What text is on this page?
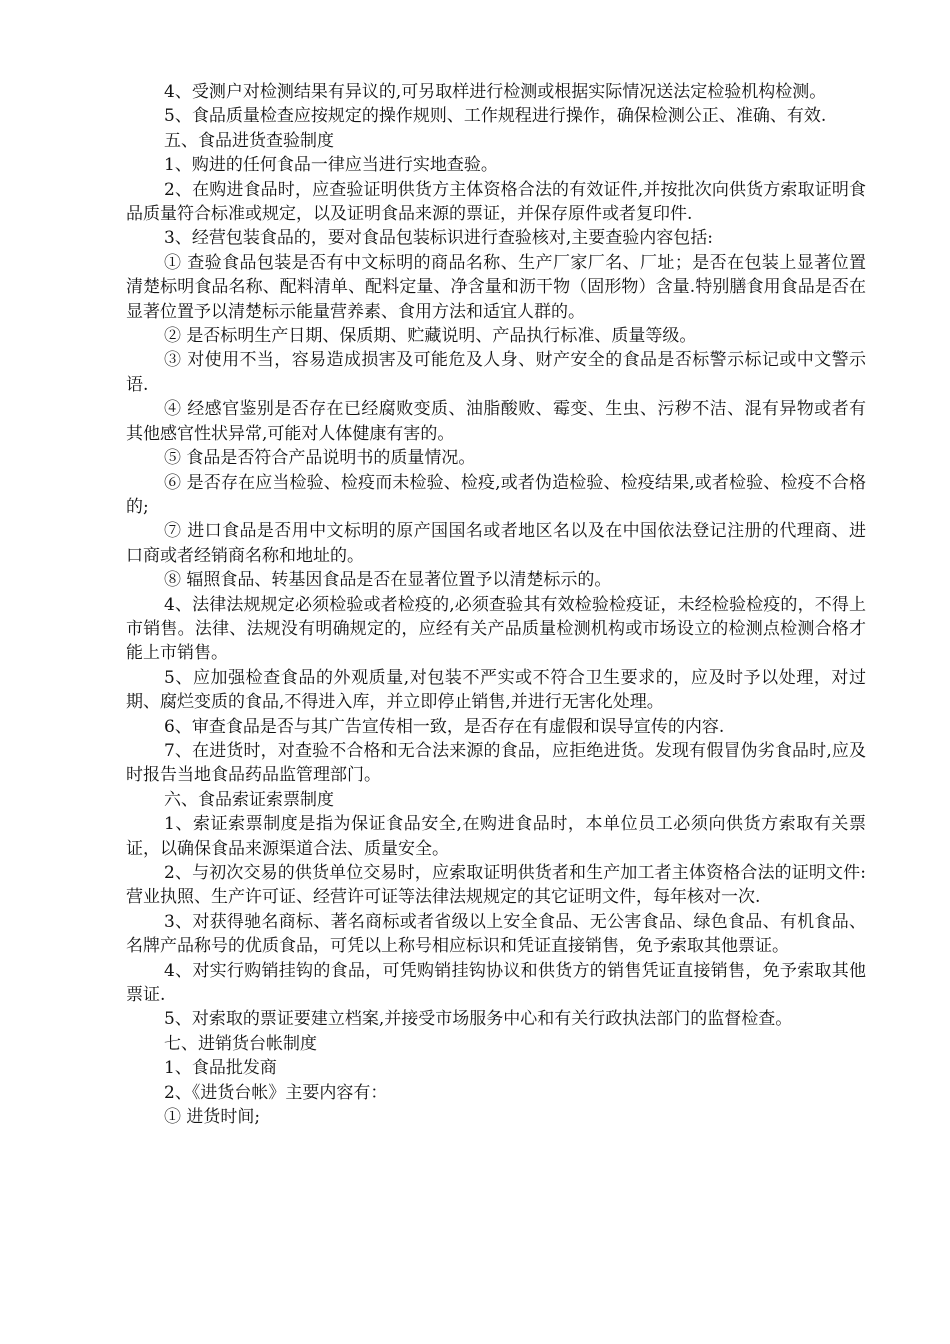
4、受测户对检测结果有异议的,可另取样进行检测或根据实际情况送法定检验机构检测。

5、食品质量检查应按规定的操作规则、工作规程进行操作，确保检测公正、准确、有效.

五、食品进货查验制度

1、购进的任何食品一律应当进行实地查验。

2、在购进食品时，应查验证明供货方主体资格合法的有效证件,并按批次向供货方索取证明食品质量符合标准或规定，以及证明食品来源的票证，并保存原件或者复印件.

3、经营包装食品的，要对食品包装标识进行查验核对,主要查验内容包括:

① 查验食品包装是否有中文标明的商品名称、生产厂家厂名、厂址；是否在包装上显著位置清楚标明食品名称、配料清单、配料定量、净含量和沥干物（固形物）含量.特别膳食用食品是否在显著位置予以清楚标示能量营养素、食用方法和适宜人群的。

② 是否标明生产日期、保质期、贮藏说明、产品执行标准、质量等级。

③ 对使用不当，容易造成损害及可能危及人身、财产安全的食品是否标警示标记或中文警示语.

④ 经感官鉴别是否存在已经腐败变质、油脂酸败、霉变、生虫、污秽不洁、混有异物或者有其他感官性状异常,可能对人体健康有害的。

⑤ 食品是否符合产品说明书的质量情况。

⑥ 是否存在应当检验、检疫而未检验、检疫,或者伪造检验、检疫结果,或者检验、检疫不合格的;

⑦ 进口食品是否用中文标明的原产国国名或者地区名以及在中国依法登记注册的代理商、进口商或者经销商名称和地址的。

⑧ 辐照食品、转基因食品是否在显著位置予以清楚标示的。

4、法律法规规定必须检验或者检疫的,必须查验其有效检验检疫证，未经检验检疫的，不得上市销售。法律、法规没有明确规定的，应经有关产品质量检测机构或市场设立的检测点检测合格才能上市销售。

5、应加强检查食品的外观质量,对包装不严实或不符合卫生要求的，应及时予以处理，对过期、腐烂变质的食品,不得进入库，并立即停止销售,并进行无害化处理。

6、审查食品是否与其广告宣传相一致，是否存在有虚假和误导宣传的内容.

7、在进货时，对查验不合格和无合法来源的食品，应拒绝进货。发现有假冒伪劣食品时,应及时报告当地食品药品监管理部门。

六、食品索证索票制度

1、索证索票制度是指为保证食品安全,在购进食品时，本单位员工必须向供货方索取有关票证，以确保食品来源渠道合法、质量安全。

2、与初次交易的供货单位交易时，应索取证明供货者和生产加工者主体资格合法的证明文件:营业执照、生产许可证、经营许可证等法律法规规定的其它证明文件，每年核对一次.

3、对获得驰名商标、著名商标或者省级以上安全食品、无公害食品、绿色食品、有机食品、名牌产品称号的优质食品，可凭以上称号相应标识和凭证直接销售，免予索取其他票证。

4、对实行购销挂钩的食品，可凭购销挂钩协议和供货方的销售凭证直接销售，免予索取其他票证.

5、对索取的票证要建立档案,并接受市场服务中心和有关行政执法部门的监督检查。

七、进销货台帐制度

1、食品批发商

2、《进货台帐》主要内容有：

① 进货时间;
